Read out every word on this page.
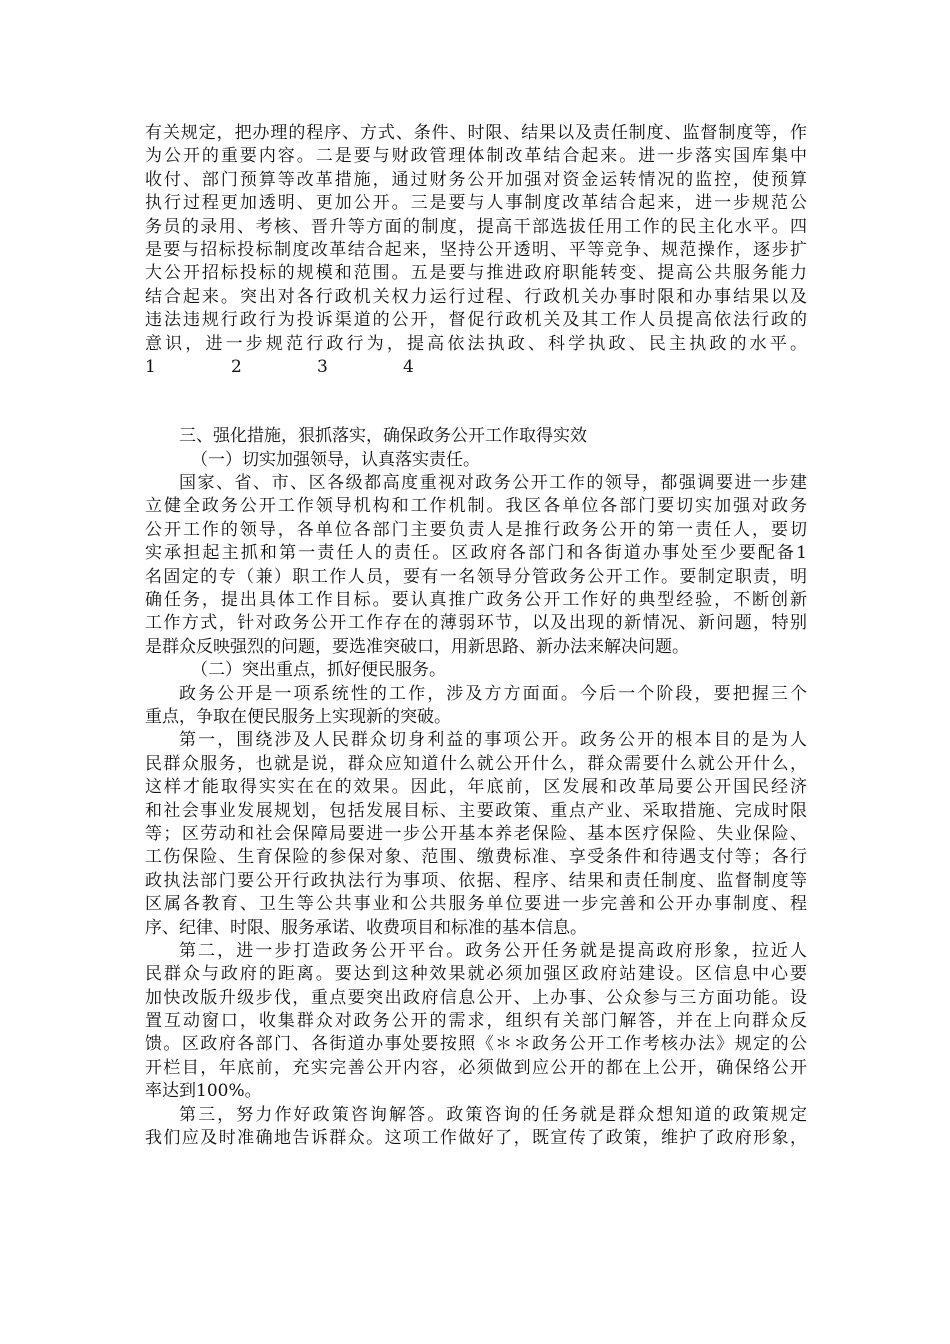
有关规定，把办理的程序、方式、条件、时限、结果以及责任制度、监督制度等，作
为公开的重要内容。二是要与财政管理体制改革结合起来。进一步落实国库集中
收付、部门预算等改革措施，通过财务公开加强对资金运转情况的监控，使预算
执行过程更加透明、更加公开。三是要与人事制度改革结合起来，进一步规范公
务员的录用、考核、晋升等方面的制度，提高干部选拔任用工作的民主化水平。四
是要与招标投标制度改革结合起来，坚持公开透明、平等竞争、规范操作，逐步扩
大公开招标投标的规模和范围。五是要与推进政府职能转变、提高公共服务能力
结合起来。突出对各行政机关权力运行过程、行政机关办事时限和办事结果以及
违法违规行政行为投诉渠道的公开，督促行政机关及其工作人员提高依法行政的
意识，进一步规范行政行为，提高依法执政、科学执政、民主执政的水平。
1	2	3	4
三、强化措施，狠抓落实，确保政务公开工作取得实效
（一）切实加强领导，认真落实责任。
国家、省、市、区各级都高度重视对政务公开工作的领导，都强调要进一步建
立健全政务公开工作领导机构和工作机制。我区各单位各部门要切实加强对政务
公开工作的领导，各单位各部门主要负责人是推行政务公开的第一责任人，要切
实承担起主抓和第一责任人的责任。区政府各部门和各街道办事处至少要配备1
名固定的专（兼）职工作人员，要有一名领导分管政务公开工作。要制定职责，明
确任务，提出具体工作目标。要认真推广政务公开工作好的典型经验，不断创新
工作方式，针对政务公开工作存在的薄弱环节，以及出现的新情况、新问题，特别
是群众反映强烈的问题，要选准突破口，用新思路、新办法来解决问题。
（二）突出重点，抓好便民服务。
政务公开是一项系统性的工作，涉及方方面面。今后一个阶段，要把握三个
重点，争取在便民服务上实现新的突破。
第一，围绕涉及人民群众切身利益的事项公开。政务公开的根本目的是为人
民群众服务，也就是说，群众应知道什么就公开什么，群众需要什么就公开什么，
这样才能取得实实在在的效果。因此，年底前，区发展和改革局要公开国民经济
和社会事业发展规划，包括发展目标、主要政策、重点产业、采取措施、完成时限
等；区劳动和社会保障局要进一步公开基本养老保险、基本医疗保险、失业保险、
工伤保险、生育保险的参保对象、范围、缴费标准、享受条件和待遇支付等；各行
政执法部门要公开行政执法行为事项、依据、程序、结果和责任制度、监督制度等
区属各教育、卫生等公共事业和公共服务单位要进一步完善和公开办事制度、程
序、纪律、时限、服务承诺、收费项目和标准的基本信息。
第二，进一步打造政务公开平台。政务公开任务就是提高政府形象，拉近人
民群众与政府的距离。要达到这种效果就必须加强区政府站建设。区信息中心要
加快改版升级步伐，重点要突出政府信息公开、上办事、公众参与三方面功能。设
置互动窗口，收集群众对政务公开的需求，组织有关部门解答，并在上向群众反
馈。区政府各部门、各街道办事处要按照《＊＊政务公开工作考核办法》规定的公
开栏目，年底前，充实完善公开内容，必须做到应公开的都在上公开，确保络公开
率达到100%。
第三，努力作好政策咨询解答。政策咨询的任务就是群众想知道的政策规定
我们应及时准确地告诉群众。这项工作做好了，既宣传了政策，维护了政府形象，
